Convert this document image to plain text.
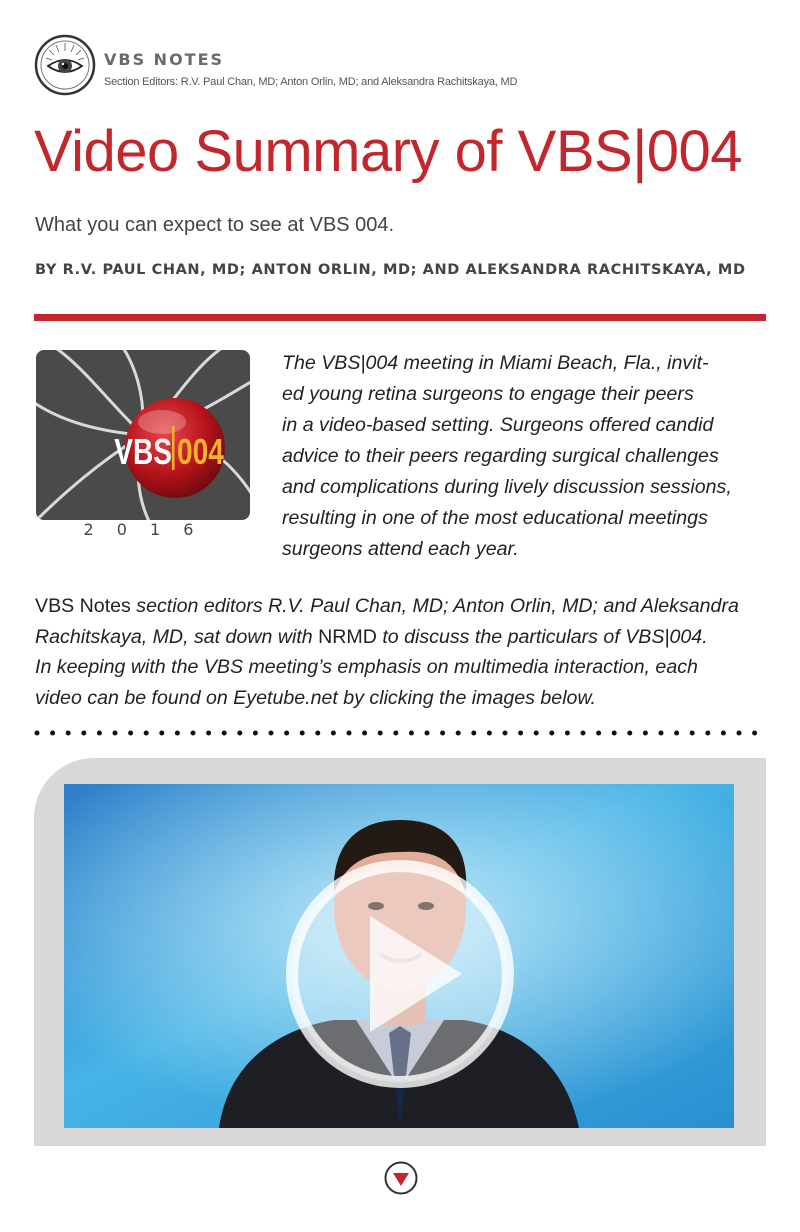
VBS NOTES
Section Editors: R.V. Paul Chan, MD; Anton Orlin, MD; and Aleksandra Rachitskaya, MD
Video Summary of VBS|004
What you can expect to see at VBS 004.
BY R.V. PAUL CHAN, MD; ANTON ORLIN, MD; AND ALEKSANDRA RACHITSKAYA, MD
VBS 004
2 0 1 6
The VBS|004 meeting in Miami Beach, Fla., invit-
ed young retina surgeons to engage their peers
in a video-based setting. Surgeons offered candid
advice to their peers regarding surgical challenges
and complications during lively discussion sessions,
resulting in one of the most educational meetings
surgeons attend each year.
VBS Notes section editors R.V. Paul Chan, MD; Anton Orlin, MD; and Aleksandra
Rachitskaya, MD, sat down with NRMD to discuss the particulars of VBS|004.
In keeping with the VBS meeting’s emphasis on multimedia interaction, each
video can be found on Eyetube.net by clicking the images below.
